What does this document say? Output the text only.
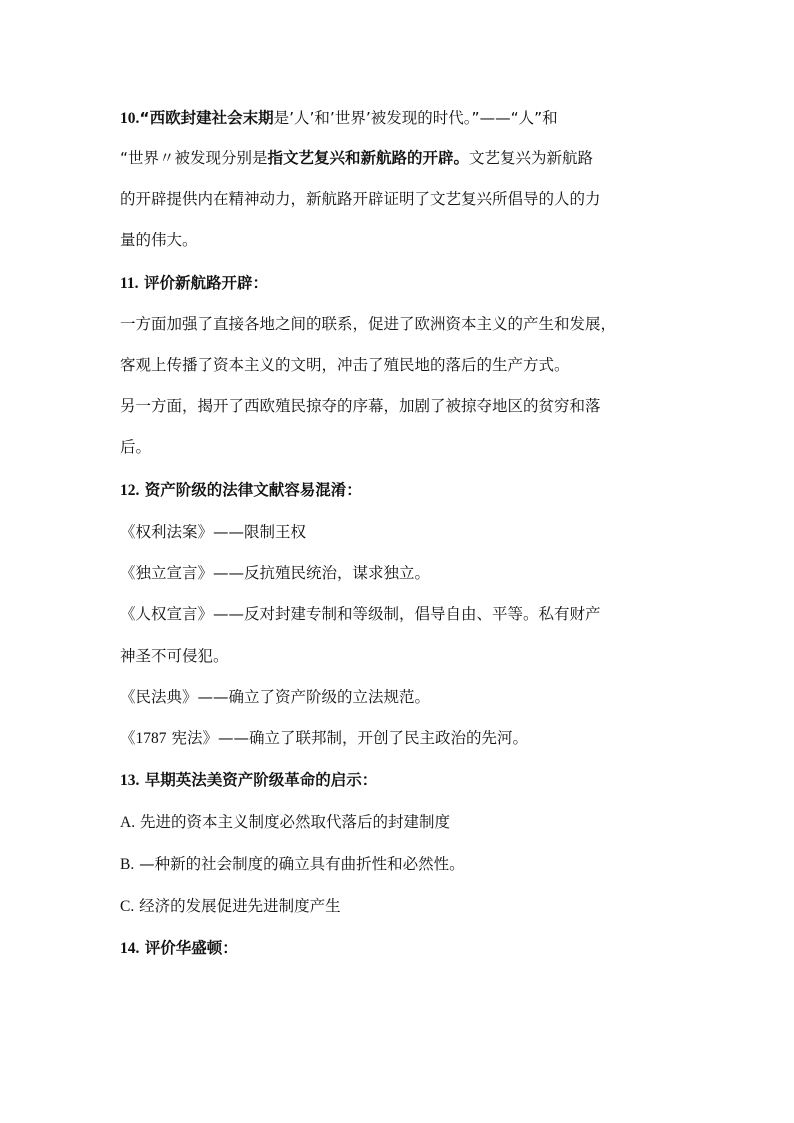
10.“西欧封建社会末期是’人’和’世界’被发现的时代。”——“人”和
“世界〃被发现分别是指文艺复兴和新航路的开辟。文艺复兴为新航路
的开辟提供内在精神动力，新航路开辟证明了文艺复兴所倡导的人的力
量的伟大。
11. 评价新航路开辟：
一方面加强了直接各地之间的联系，促进了欧洲资本主义的产生和发展，
客观上传播了资本主义的文明，冲击了殖民地的落后的生产方式。
另一方面，揭开了西欧殖民掠夺的序幕，加剧了被掠夺地区的贫穷和落
后。
12. 资产阶级的法律文献容易混淆：
《权利法案》——限制王权
《独立宣言》——反抗殖民统治，谋求独立。
《人权宣言》——反对封建专制和等级制，倡导自由、平等。私有财产
神圣不可侵犯。
《民法典》——确立了资产阶级的立法规范。
《1787 宪法》——确立了联邦制，开创了民主政治的先河。
13. 早期英法美资产阶级革命的启示：
A. 先进的资本主义制度必然取代落后的封建制度
B. —种新的社会制度的确立具有曲折性和必然性。
C. 经济的发展促进先进制度产生
14. 评价华盛顿：
